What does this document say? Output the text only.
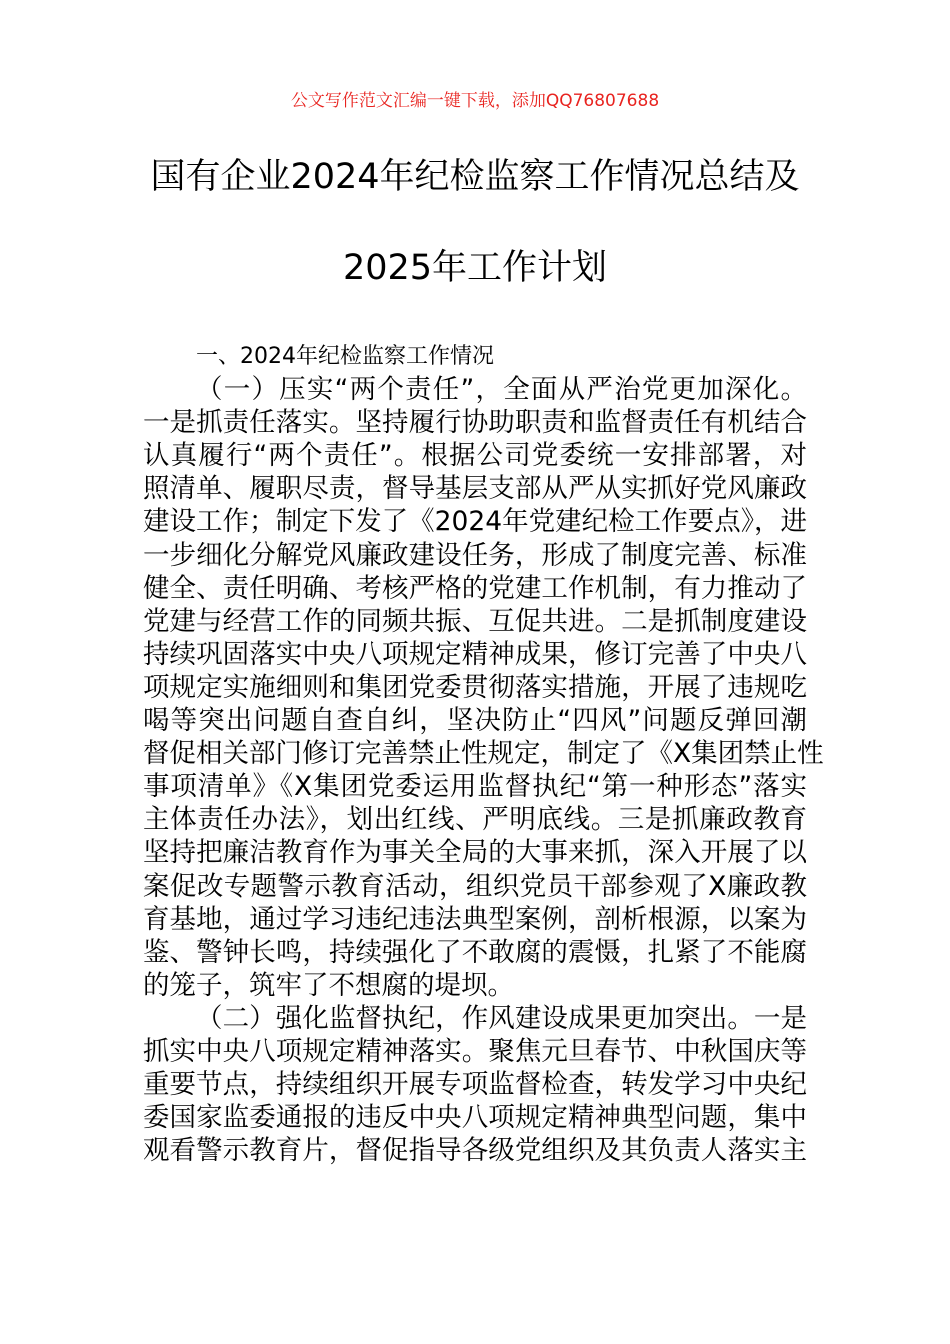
公文写作范文汇编一键下载，添加QQ76807688
国有企业2024年纪检监察工作情况总结及
2025年工作计划
一、2024年纪检监察工作情况
（一）压实“两个责任”，全面从严治党更加深化。
一是抓责任落实。坚持履行协助职责和监督责任有机结合
认真履行“两个责任”。根据公司党委统一安排部署，对
照清单、履职尽责，督导基层支部从严从实抓好党风廉政
建设工作；制定下发了《2024年党建纪检工作要点》，进
一步细化分解党风廉政建设任务，形成了制度完善、标准
健全、责任明确、考核严格的党建工作机制，有力推动了
党建与经营工作的同频共振、互促共进。二是抓制度建设
持续巩固落实中央八项规定精神成果，修订完善了中央八
项规定实施细则和集团党委贯彻落实措施，开展了违规吃
喝等突出问题自查自纠，坚决防止“四风”问题反弹回潮
督促相关部门修订完善禁止性规定，制定了《X集团禁止性
事项清单》《X集团党委运用监督执纪“第一种形态”落实
主体责任办法》，划出红线、严明底线。三是抓廉政教育
坚持把廉洁教育作为事关全局的大事来抓，深入开展了以
案促改专题警示教育活动，组织党员干部参观了X廉政教
育基地，通过学习违纪违法典型案例，剖析根源，以案为
鉴、警钟长鸣，持续强化了不敢腐的震慑，扎紧了不能腐
的笼子，筑牢了不想腐的堤坝。
（二）强化监督执纪，作风建设成果更加突出。一是
抓实中央八项规定精神落实。聚焦元旦春节、中秋国庆等
重要节点，持续组织开展专项监督检查，转发学习中央纪
委国家监委通报的违反中央八项规定精神典型问题，集中
观看警示教育片，督促指导各级党组织及其负责人落实主
